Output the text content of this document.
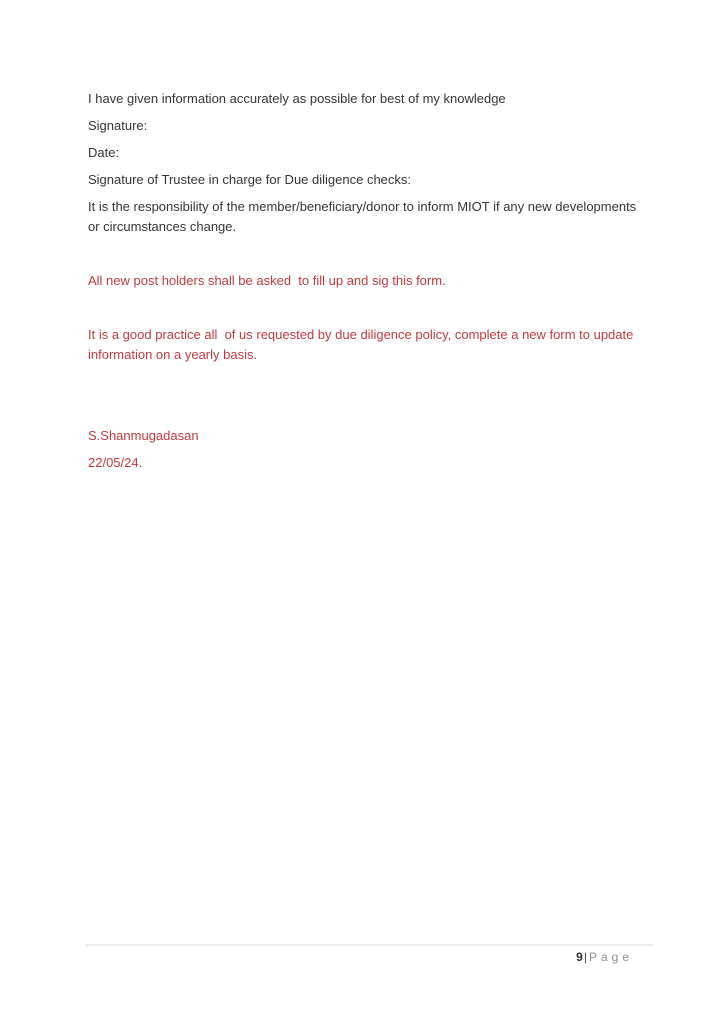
I have given information accurately as possible for best of my knowledge

Signature:

Date:

Signature of Trustee in charge for Due diligence checks:

It is the responsibility of the member/beneficiary/donor to inform MIOT if any new developments
or circumstances change.

All new post holders shall be asked  to fill up and sig this form.

It is a good practice all  of us requested by due diligence policy, complete a new form to update
information on a yearly basis.

S.Shanmugadasan

22/05/24.

9| Page
